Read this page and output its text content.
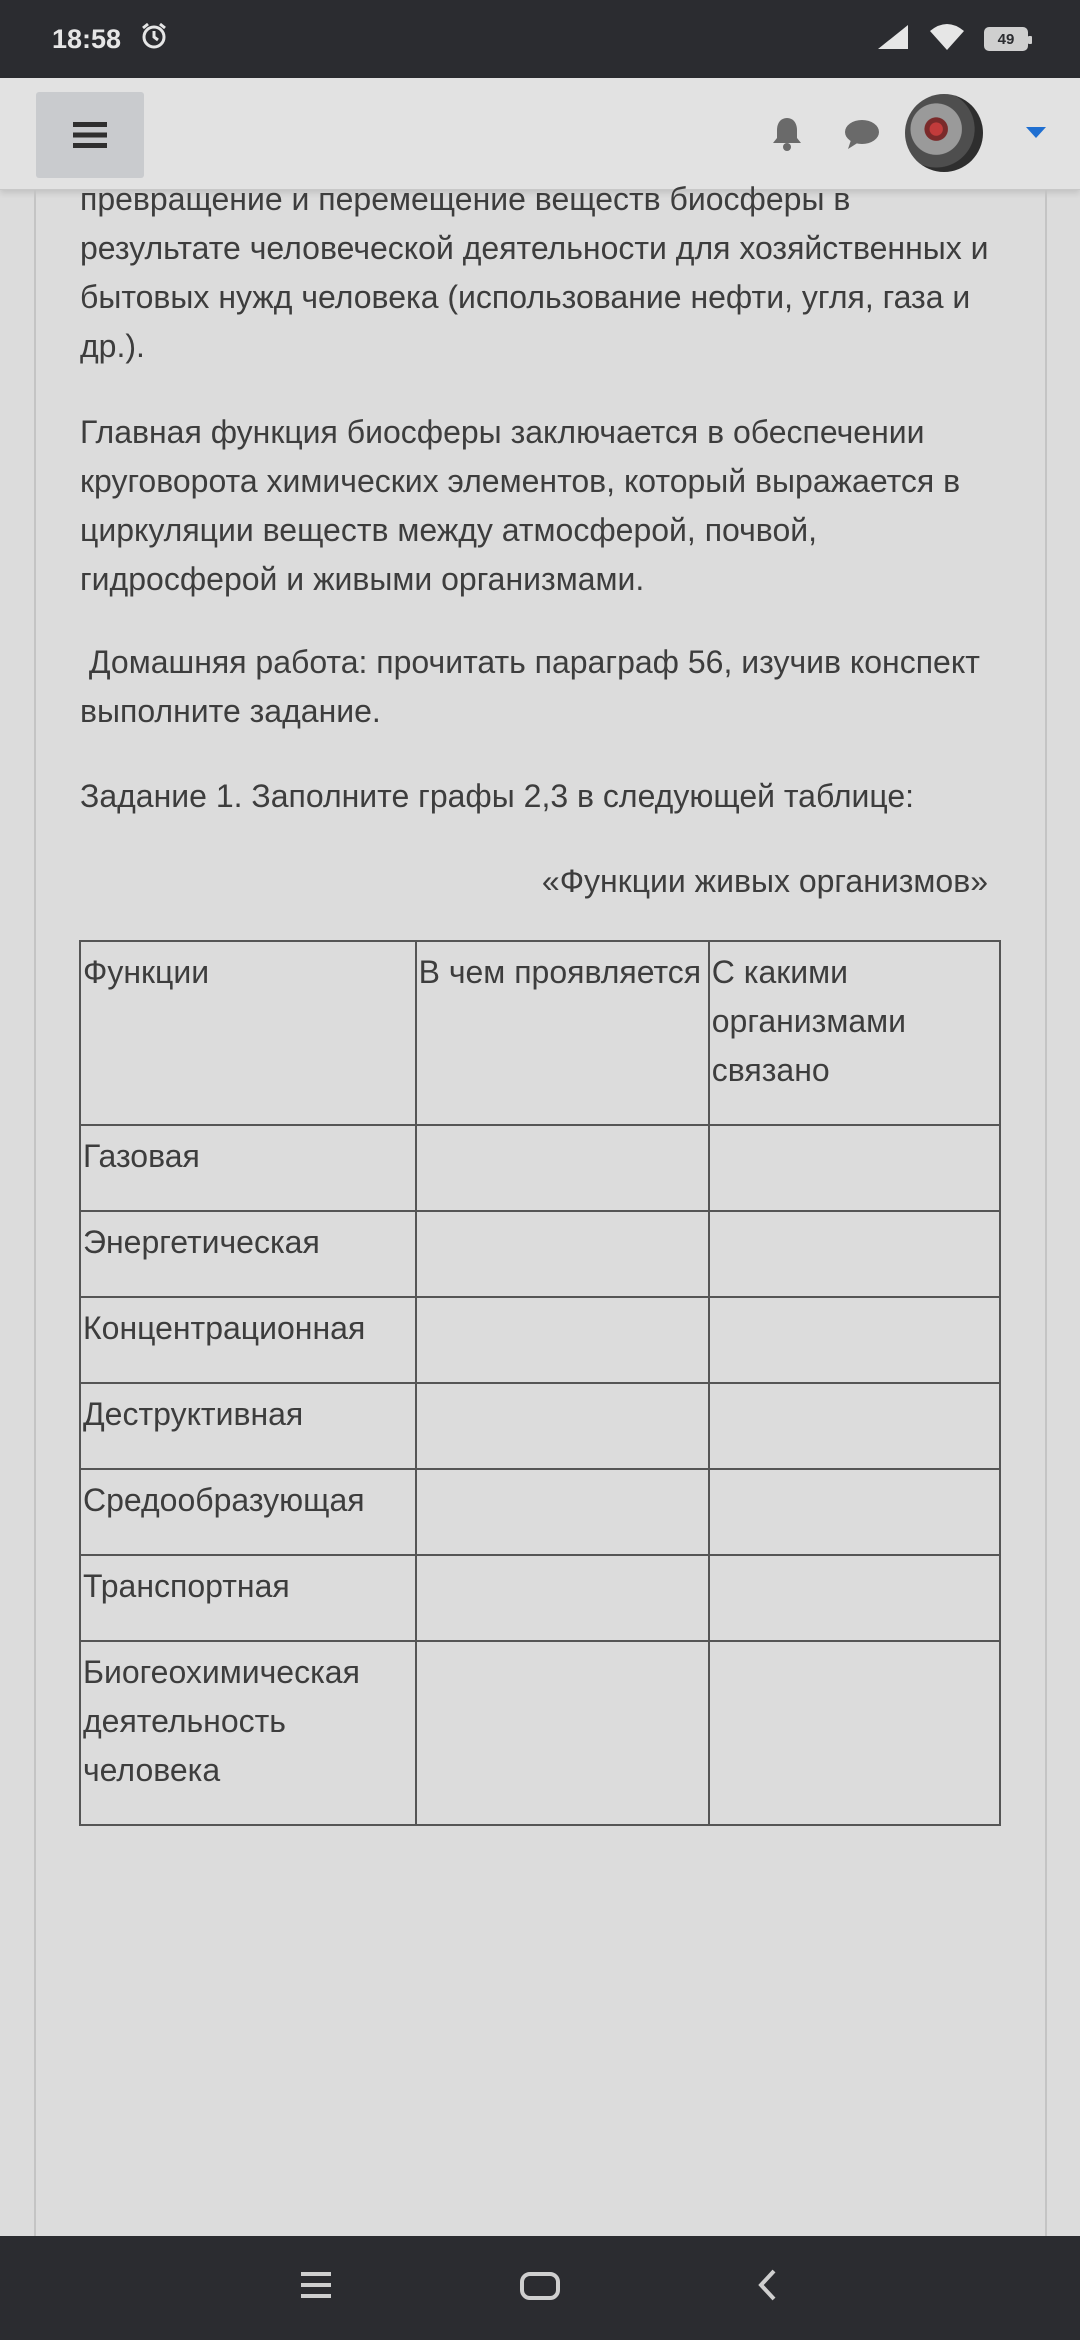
18:58	49

превращение и перемещение веществ биосферы в результате человеческой деятельности для хозяйственных и бытовых нужд человека (использование нефти, угля, газа и др.).

Главная функция биосферы заключается в обеспечении круговорота химических элементов, который выражается в циркуляции веществ между атмосферой, почвой, гидросферой и живыми организмами.

Домашняя работа: прочитать параграф 56, изучив конспект выполните задание.

Задание 1. Заполните графы 2,3 в следующей таблице:

«Функции живых организмов»

Функции	В чем проявляется	С какими организмами связано
Газовая		
Энергетическая		
Концентрационная		
Деструктивная		
Средообразующая		
Транспортная		
Биогеохимическая деятельность человека		
